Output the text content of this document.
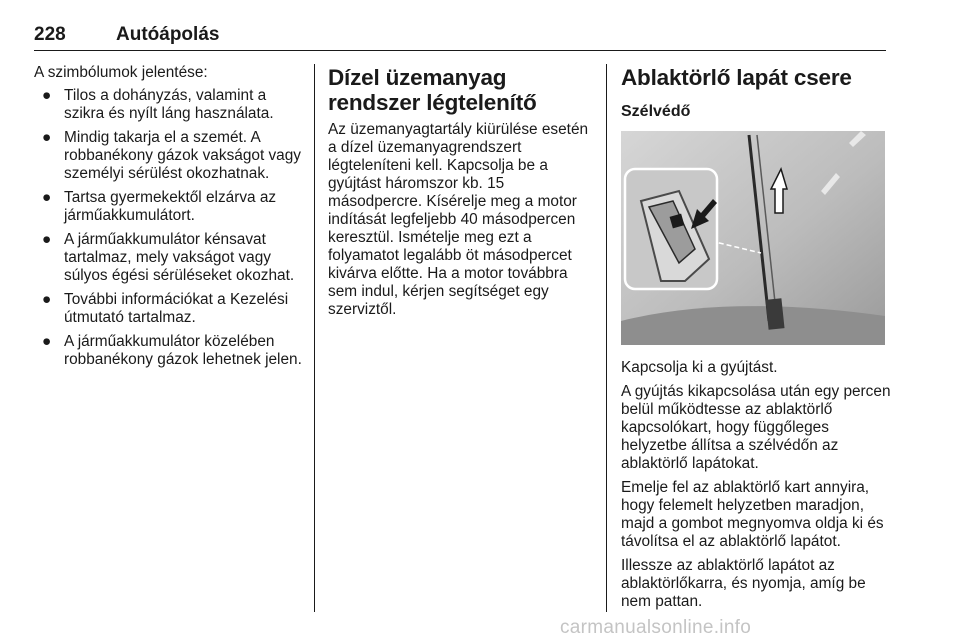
228	Autóápolás

A szimbólumok jelentése:

● Tilos a dohányzás, valamint a szikra és nyílt láng használata.
● Mindig takarja el a szemét. A robbanékony gázok vakságot vagy személyi sérülést okozhatnak.
● Tartsa gyermekektől elzárva az járműakkumulátort.
● A járműakkumulátor kénsavat tartalmaz, mely vakságot vagy súlyos égési sérüléseket okozhat.
● További információkat a Kezelési útmutató tartalmaz.
● A járműakkumulátor közelében robbanékony gázok lehetnek jelen.
Dízel üzemanyag rendszer légtelenítő

Az üzemanyagtartály kiürülése esetén a dízel üzemanyagrendszert légteleníteni kell. Kapcsolja be a gyújtást háromszor kb. 15 másodpercre. Kísérelje meg a motor indítását legfeljebb 40 másodpercen keresztül. Ismételje meg ezt a folyamatot legalább öt másodpercet kivárva előtte. Ha a motor továbbra sem indul, kérjen segítséget egy szerviztől.

Ablaktörlő lapát csere
Szélvédő

Kapcsolja ki a gyújtást.

A gyújtás kikapcsolása után egy percen belül működtesse az ablaktörlő kapcsolókart, hogy függőleges helyzetbe állítsa a szélvédőn az ablaktörlő lapátokat.

Emelje fel az ablaktörlő kart annyira, hogy felemelt helyzetben maradjon, majd a gombot megnyomva oldja ki és távolítsa el az ablaktörlő lapátot.

Illessze az ablaktörlő lapátot az ablaktörlőkarra, és nyomja, amíg be nem pattan.

carmanualsonline.info
